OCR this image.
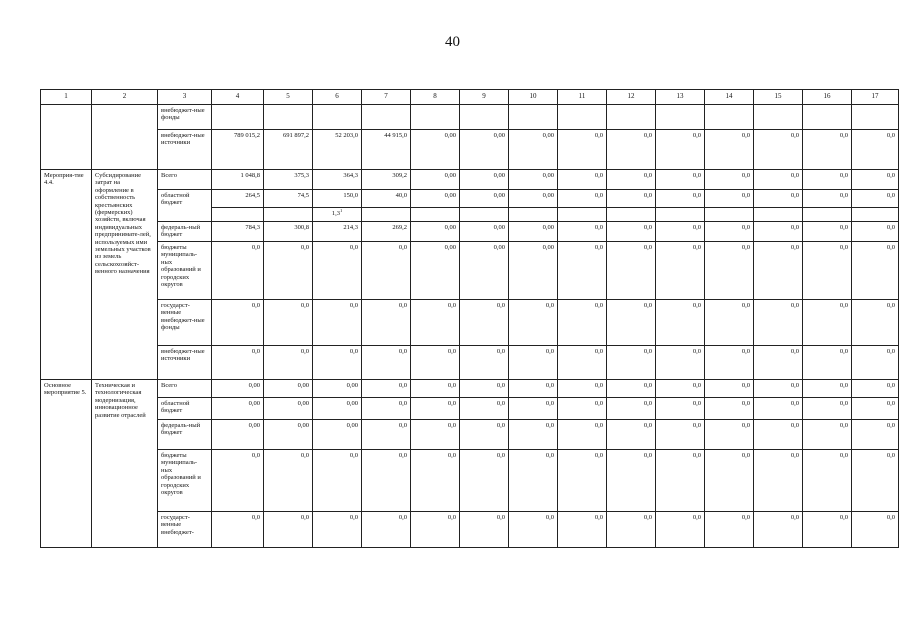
40
1	2	3	4	5	6	7	8	9	10	11	12	13	14	15	16	17
		внебюджет-ные фонды														
		внебюджет-ные источники	789 015,2	691 897,2	52 203,0	44 915,0	0,00	0,00	0,00	0,0	0,0	0,0	0,0	0,0	0,0	0,0
Мероприя-тие 4.4.	Субсидирование затрат на оформление в собственность крестьянских (фермерских) хозяйств, включая индивидуальных предпринимате-лей, используемых ими земельных участков из земель сельскохозяйст-венного назначения	Всего	1 048,8	375,3	364,3	309,2	0,00	0,00	0,00	0,0	0,0	0,0	0,0	0,0	0,0	0,0
		областной бюджет	264,5	74,5	150,0	40,0	0,00	0,00	0,00	0,0	0,0	0,0	0,0	0,0	0,0	0,0
					$1,3^1$											
		федераль-ный бюджет	784,3	300,8	214,3	269,2	0,00	0,00	0,00	0,0	0,0	0,0	0,0	0,0	0,0	0,0
		бюджеты муниципаль-ных образований и городских округов	0,0	0,0	0,0	0,0	0,00	0,00	0,00	0,0	0,0	0,0	0,0	0,0	0,0	0,0
		государст-венные внебюджет-ные фонды	0,0	0,0	0,0	0,0	0,0	0,0	0,0	0,0	0,0	0,0	0,0	0,0	0,0	0,0
		внебюджет-ные источники	0,0	0,0	0,0	0,0	0,0	0,0	0,0	0,0	0,0	0,0	0,0	0,0	0,0	0,0
Основное мероприятие 5.	Техническая и технологическая модернизация, инновационное развитие отраслей	Всего	0,00	0,00	0,00	0,0	0,0	0,0	0,0	0,0	0,0	0,0	0,0	0,0	0,0	0,0
		областной бюджет	0,00	0,00	0,00	0,0	0,0	0,0	0,0	0,0	0,0	0,0	0,0	0,0	0,0	0,0
		федераль-ный бюджет	0,00	0,00	0,00	0,0	0,0	0,0	0,0	0,0	0,0	0,0	0,0	0,0	0,0	0,0
		бюджеты муниципаль-ных образований и городских округов	0,0	0,0	0,0	0,0	0,0	0,0	0,0	0,0	0,0	0,0	0,0	0,0	0,0	0,0
		государст-венные внебюджет-	0,0	0,0	0,0	0,0	0,0	0,0	0,0	0,0	0,0	0,0	0,0	0,0	0,0	0,0
